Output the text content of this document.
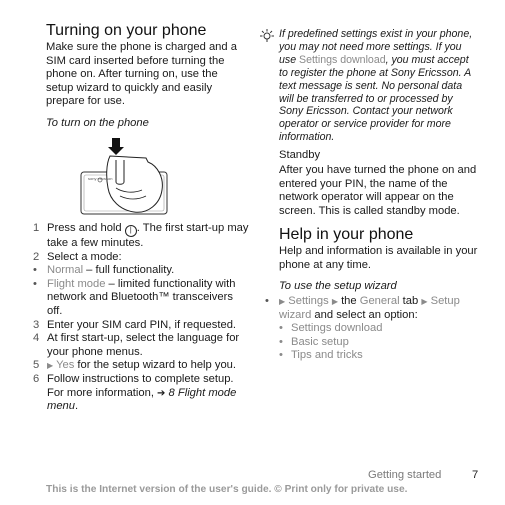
Turning on your phone
Make sure the phone is charged and a SIM card inserted before turning the phone on. After turning on, use the setup wizard to quickly and easily prepare for use.
To turn on the phone
sony ericsson
1 Press and hold | . The first start-up may take a few minutes.
2 Select a mode:
• Normal – full functionality.
• Flight mode – limited functionality with network and Bluetooth™ transceivers off.
3 Enter your SIM card PIN, if requested.
4 At first start-up, select the language for your phone menus.
5 ▶ Yes for the setup wizard to help you.
6 Follow instructions to complete setup. For more information, ➔ 8 Flight mode menu.
If predefined settings exist in your phone, you may not need more settings. If you use Settings download, you must accept to register the phone at Sony Ericsson. A text message is sent. No personal data will be transferred to or processed by Sony Ericsson. Contact your network operator or service provider for more information.
Standby
After you have turned the phone on and entered your PIN, the name of the network operator will appear on the screen. This is called standby mode.
Help in your phone
Help and information is available in your phone at any time.
To use the setup wizard
•	▶ Settings ▶ the General tab ▶ Setup wizard and select an option:
• Settings download
• Basic setup
• Tips and tricks
Getting started	7
This is the Internet version of the user's guide. © Print only for private use.
